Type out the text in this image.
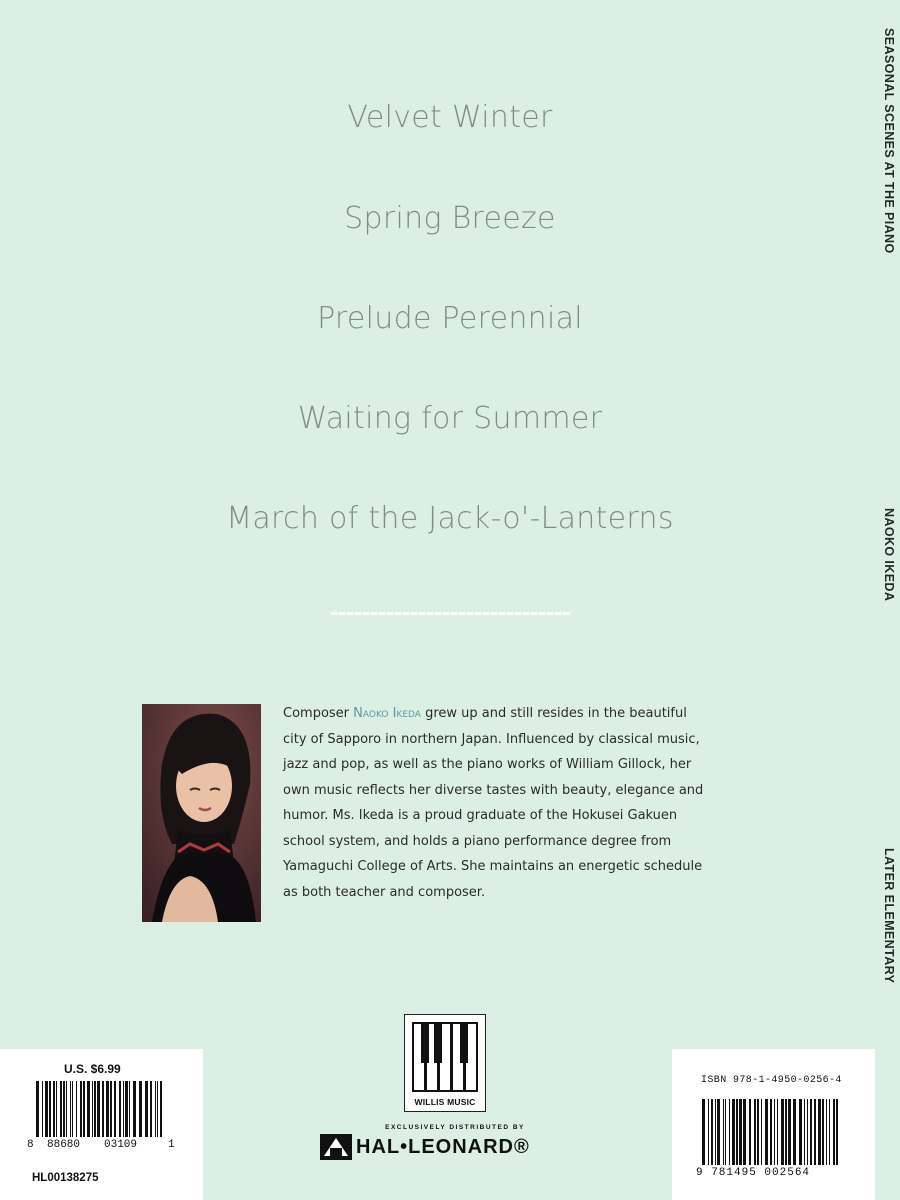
Velvet Winter
Spring Breeze
Prelude Perennial
Waiting for Summer
March of the Jack-o'-Lanterns
SEASONAL SCENES AT THE PIANO
NAOKO IKEDA
LATER ELEMENTARY
Composer Naoko Ikeda grew up and still resides in the beautiful
city of Sapporo in northern Japan. Influenced by classical music,
jazz and pop, as well as the piano works of William Gillock, her
own music reflects her diverse tastes with beauty, elegance and
humor. Ms. Ikeda is a proud graduate of the Hokusei Gakuen
school system, and holds a piano performance degree from
Yamaguchi College of Arts. She maintains an energetic schedule
as both teacher and composer.
U.S. $6.99
8 88680 03109	1
HL00138275
WILLIS MUSIC
EXCLUSIVELY DISTRIBUTED BY
HAL•LEONARD®
ISBN 978-1-4950-0256-4
9 781495 002564
